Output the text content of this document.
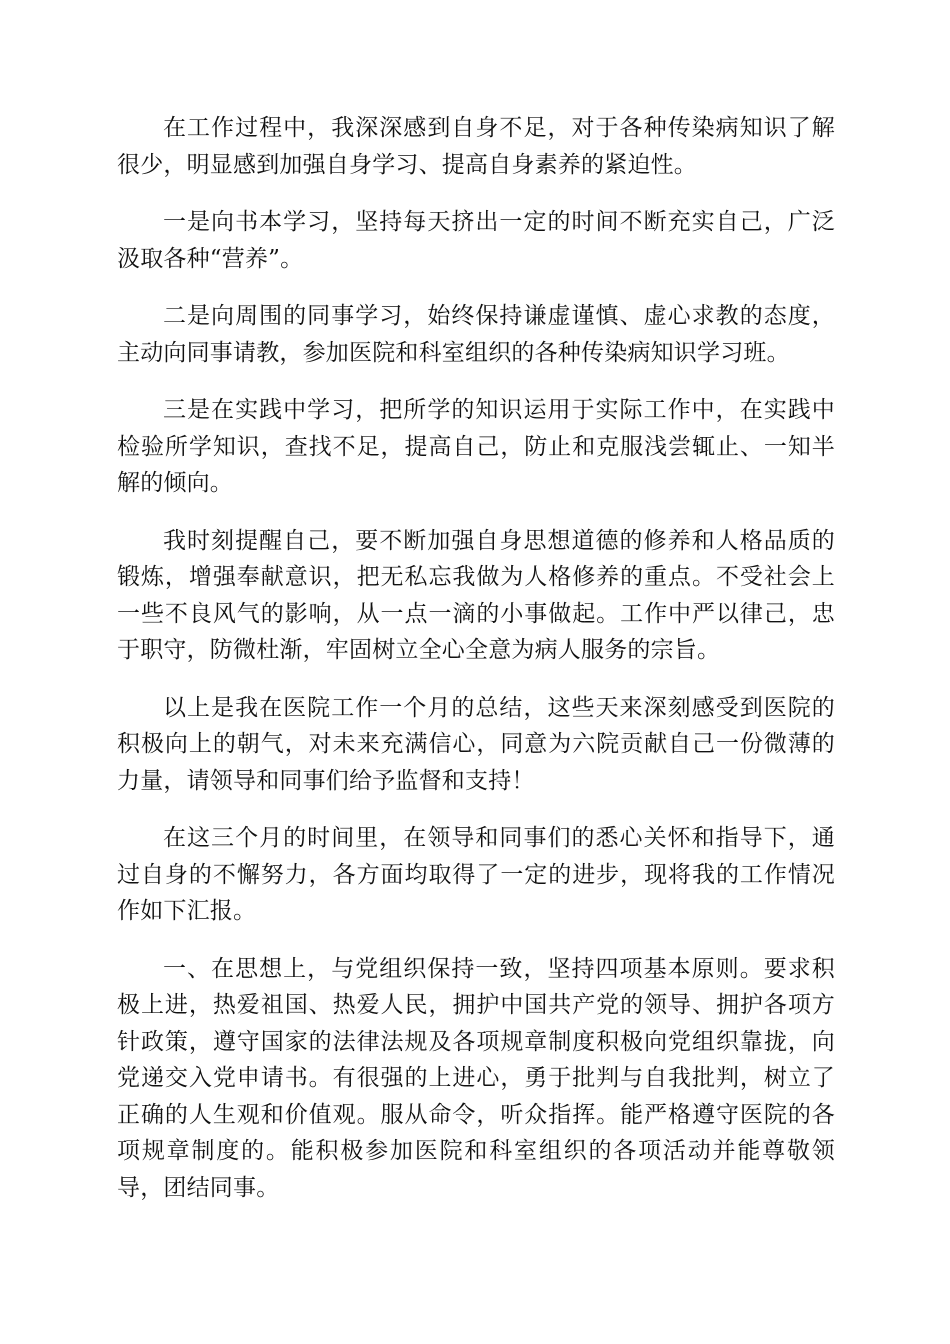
在工作过程中，我深深感到自身不足，对于各种传染病知识了解很少，明显感到加强自身学习、提高自身素养的紧迫性。

一是向书本学习，坚持每天挤出一定的时间不断充实自己，广泛汲取各种“营养”。

二是向周围的同事学习，始终保持谦虚谨慎、虚心求教的态度，主动向同事请教，参加医院和科室组织的各种传染病知识学习班。

三是在实践中学习，把所学的知识运用于实际工作中，在实践中检验所学知识，查找不足，提高自己，防止和克服浅尝辄止、一知半解的倾向。

我时刻提醒自己，要不断加强自身思想道德的修养和人格品质的锻炼，增强奉献意识，把无私忘我做为人格修养的重点。不受社会上一些不良风气的影响，从一点一滴的小事做起。工作中严以律己，忠于职守，防微杜渐，牢固树立全心全意为病人服务的宗旨。

以上是我在医院工作一个月的总结，这些天来深刻感受到医院的积极向上的朝气，对未来充满信心，同意为六院贡献自己一份微薄的力量，请领导和同事们给予监督和支持！

在这三个月的时间里，在领导和同事们的悉心关怀和指导下，通过自身的不懈努力，各方面均取得了一定的进步，现将我的工作情况作如下汇报。

一、在思想上，与党组织保持一致，坚持四项基本原则。要求积极上进，热爱祖国、热爱人民，拥护中国共产党的领导、拥护各项方针政策，遵守国家的法律法规及各项规章制度积极向党组织靠拢，向党递交入党申请书。有很强的上进心，勇于批判与自我批判，树立了正确的人生观和价值观。服从命令，听众指挥。能严格遵守医院的各项规章制度的。能积极参加医院和科室组织的各项活动并能尊敬领导，团结同事。
